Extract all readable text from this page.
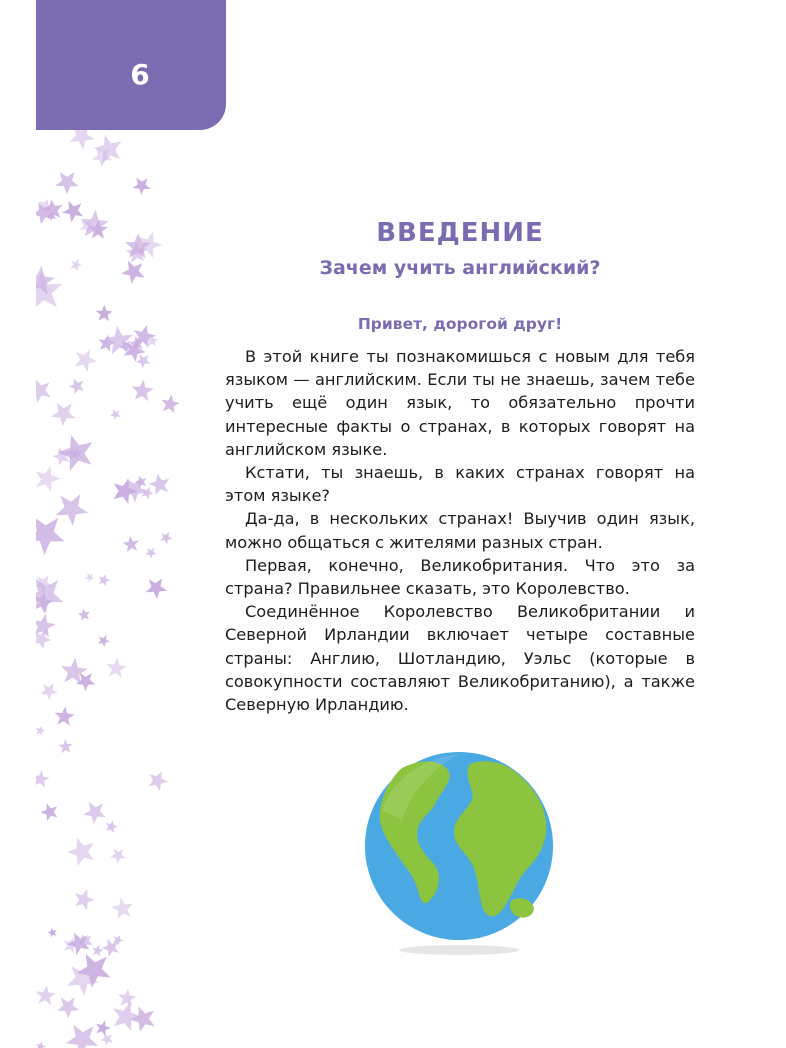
6
ВВЕДЕНИЕ
Зачем учить английский?
Привет, дорогой друг!

В этой книге ты познакомишься с новым для тебя языком — английским. Если ты не знаешь, зачем тебе учить ещё один язык, то обязательно прочти интересные факты о странах, в которых говорят на английском языке.

Кстати, ты знаешь, в каких странах говорят на этом языке?

Да-да, в нескольких странах! Выучив один язык, можно общаться с жителями разных стран.

Первая, конечно, Великобритания. Что это за страна? Правильнее сказать, это Королевство.

Соединённое Королевство Великобритании и Северной Ирландии включает четыре составные страны: Англию, Шотландию, Уэльс (которые в совокупности составляют Великобританию), а также Северную Ирландию.
